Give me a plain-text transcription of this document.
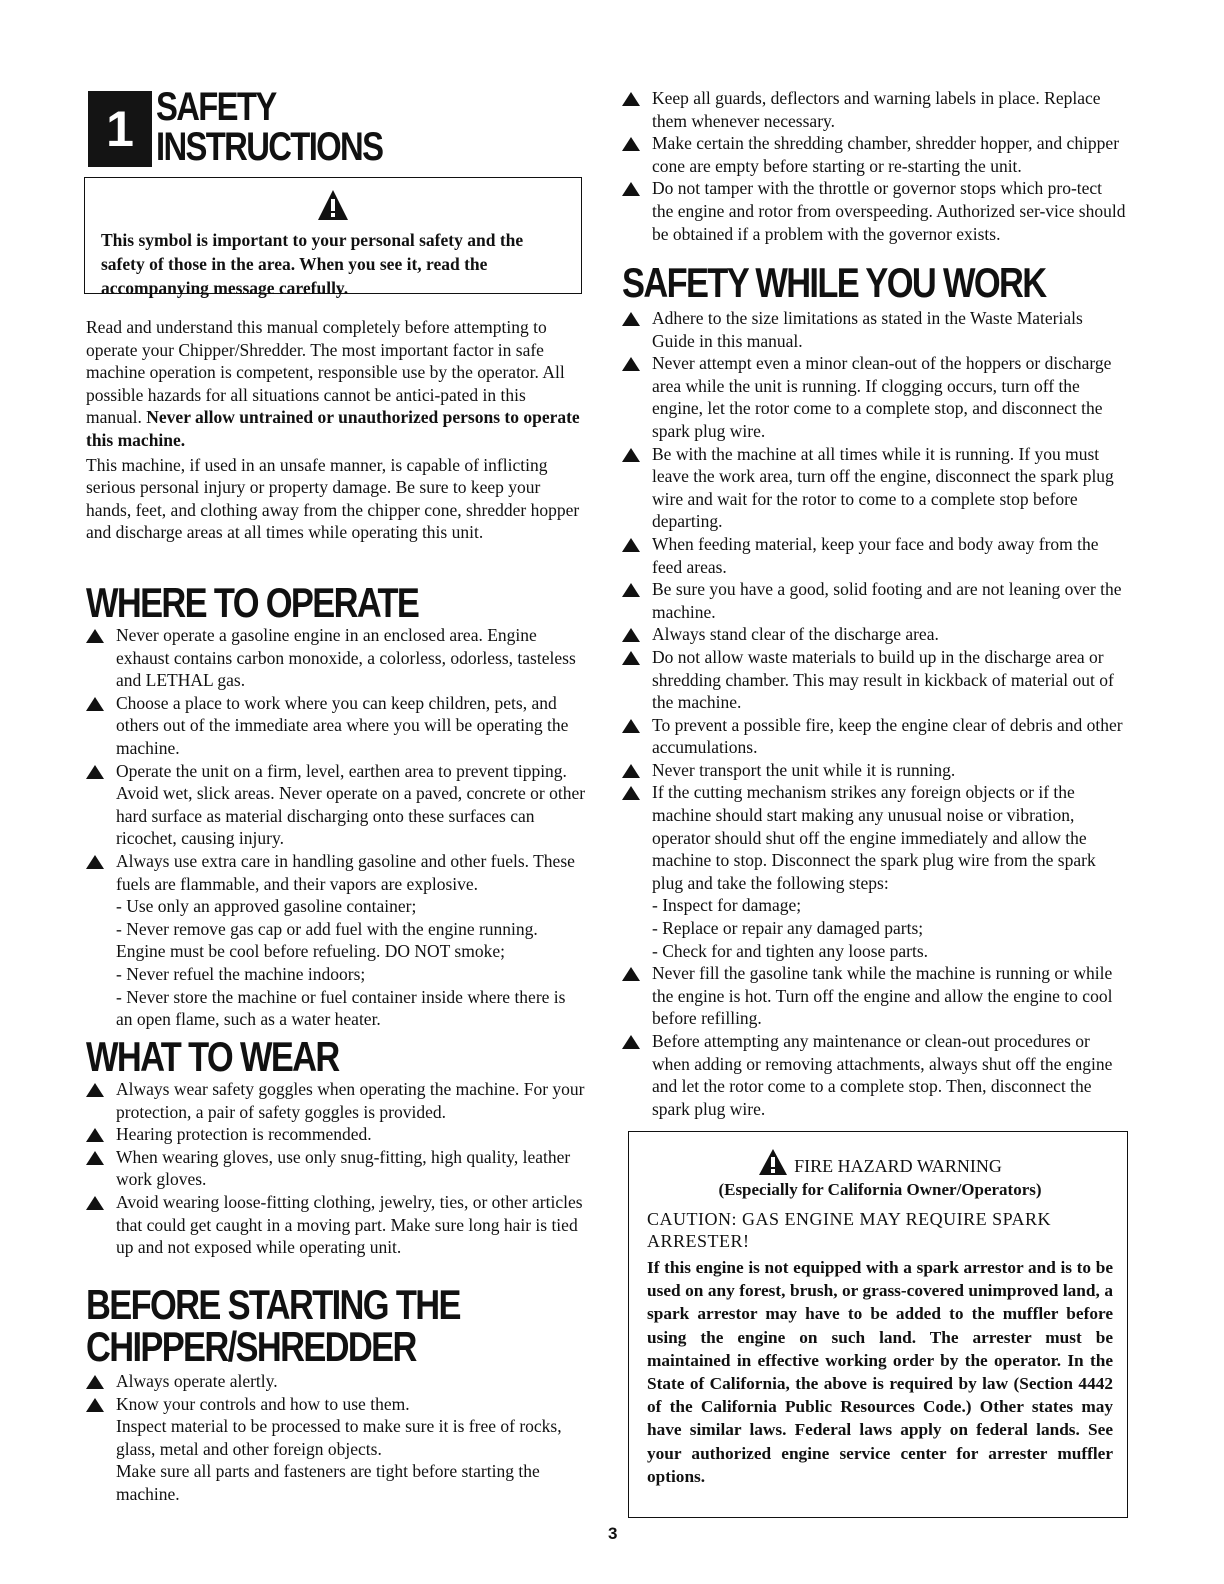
1 SAFETY
INSTRUCTIONS

This symbol is important to your personal safety and the safety of those in the area. When you see it, read the accompanying message carefully.

Read and understand this manual completely before attempting to operate your Chipper/Shredder. The most important factor in safe machine operation is competent, responsible use by the operator. All possible hazards for all situations cannot be antici-pated in this manual. Never allow untrained or unauthorized persons to operate this machine.

This machine, if used in an unsafe manner, is capable of inflicting serious personal injury or property damage. Be sure to keep your hands, feet, and clothing away from the chipper cone, shredder hopper and discharge areas at all times while operating this unit.

WHERE TO OPERATE
Never operate a gasoline engine in an enclosed area. Engine exhaust contains carbon monoxide, a colorless, odorless, tasteless and LETHAL gas.
Choose a place to work where you can keep children, pets, and others out of the immediate area where you will be operating the machine.
Operate the unit on a firm, level, earthen area to prevent tipping. Avoid wet, slick areas. Never operate on a paved, concrete or other hard surface as material discharging onto these surfaces can ricochet, causing injury.
Always use extra care in handling gasoline and other fuels. These fuels are flammable, and their vapors are explosive.
- Use only an approved gasoline container;
- Never remove gas cap or add fuel with the engine running. Engine must be cool before refueling. DO NOT smoke;
- Never refuel the machine indoors;
- Never store the machine or fuel container inside where there is an open flame, such as a water heater.
WHAT TO WEAR
Always wear safety goggles when operating the machine. For your protection, a pair of safety goggles is provided.
Hearing protection is recommended.
When wearing gloves, use only snug-fitting, high quality, leather work gloves.
Avoid wearing loose-fitting clothing, jewelry, ties, or other articles that could get caught in a moving part. Make sure long hair is tied up and not exposed while operating unit.
BEFORE STARTING THE
CHIPPER/SHREDDER
Always operate alertly.
Know your controls and how to use them.
Inspect material to be processed to make sure it is free of rocks, glass, metal and other foreign objects.
Make sure all parts and fasteners are tight before starting the machine.
Keep all guards, deflectors and warning labels in place. Replace them whenever necessary.
Make certain the shredding chamber, shredder hopper, and chipper cone are empty before starting or re-starting the unit.
Do not tamper with the throttle or governor stops which pro-tect the engine and rotor from overspeeding. Authorized ser-vice should be obtained if a problem with the governor exists.
SAFETY WHILE YOU WORK
Adhere to the size limitations as stated in the Waste Materials Guide in this manual.
Never attempt even a minor clean-out of the hoppers or discharge area while the unit is running. If clogging occurs, turn off the engine, let the rotor come to a complete stop, and disconnect the spark plug wire.
Be with the machine at all times while it is running. If you must leave the work area, turn off the engine, disconnect the spark plug wire and wait for the rotor to come to a complete stop before departing.
When feeding material, keep your face and body away from the feed areas.
Be sure you have a good, solid footing and are not leaning over the machine.
Always stand clear of the discharge area.
Do not allow waste materials to build up in the discharge area or shredding chamber. This may result in kickback of material out of the machine.
To prevent a possible fire, keep the engine clear of debris and other accumulations.
Never transport the unit while it is running.
If the cutting mechanism strikes any foreign objects or if the machine should start making any unusual noise or vibration, operator should shut off the engine immediately and allow the machine to stop. Disconnect the spark plug wire from the spark plug and take the following steps:
- Inspect for damage;
- Replace or repair any damaged parts;
- Check for and tighten any loose parts.
Never fill the gasoline tank while the machine is running or while the engine is hot. Turn off the engine and allow the engine to cool before refilling.
Before attempting any maintenance or clean-out procedures or when adding or removing attachments, always shut off the engine and let the rotor come to a complete stop. Then, disconnect the spark plug wire.
FIRE HAZARD WARNING
(Especially for California Owner/Operators)
CAUTION: GAS ENGINE MAY REQUIRE SPARK ARRESTER!
If this engine is not equipped with a spark arrestor and is to be used on any forest, brush, or grass-covered unimproved land, a spark arrestor may have to be added to the muffler before using the engine on such land. The arrester must be maintained in effective working order by the operator. In the State of California, the above is required by law (Section 4442 of the California Public Resources Code.) Other states may have similar laws. Federal laws apply on federal lands. See your authorized engine service center for arrester muffler options.
3
